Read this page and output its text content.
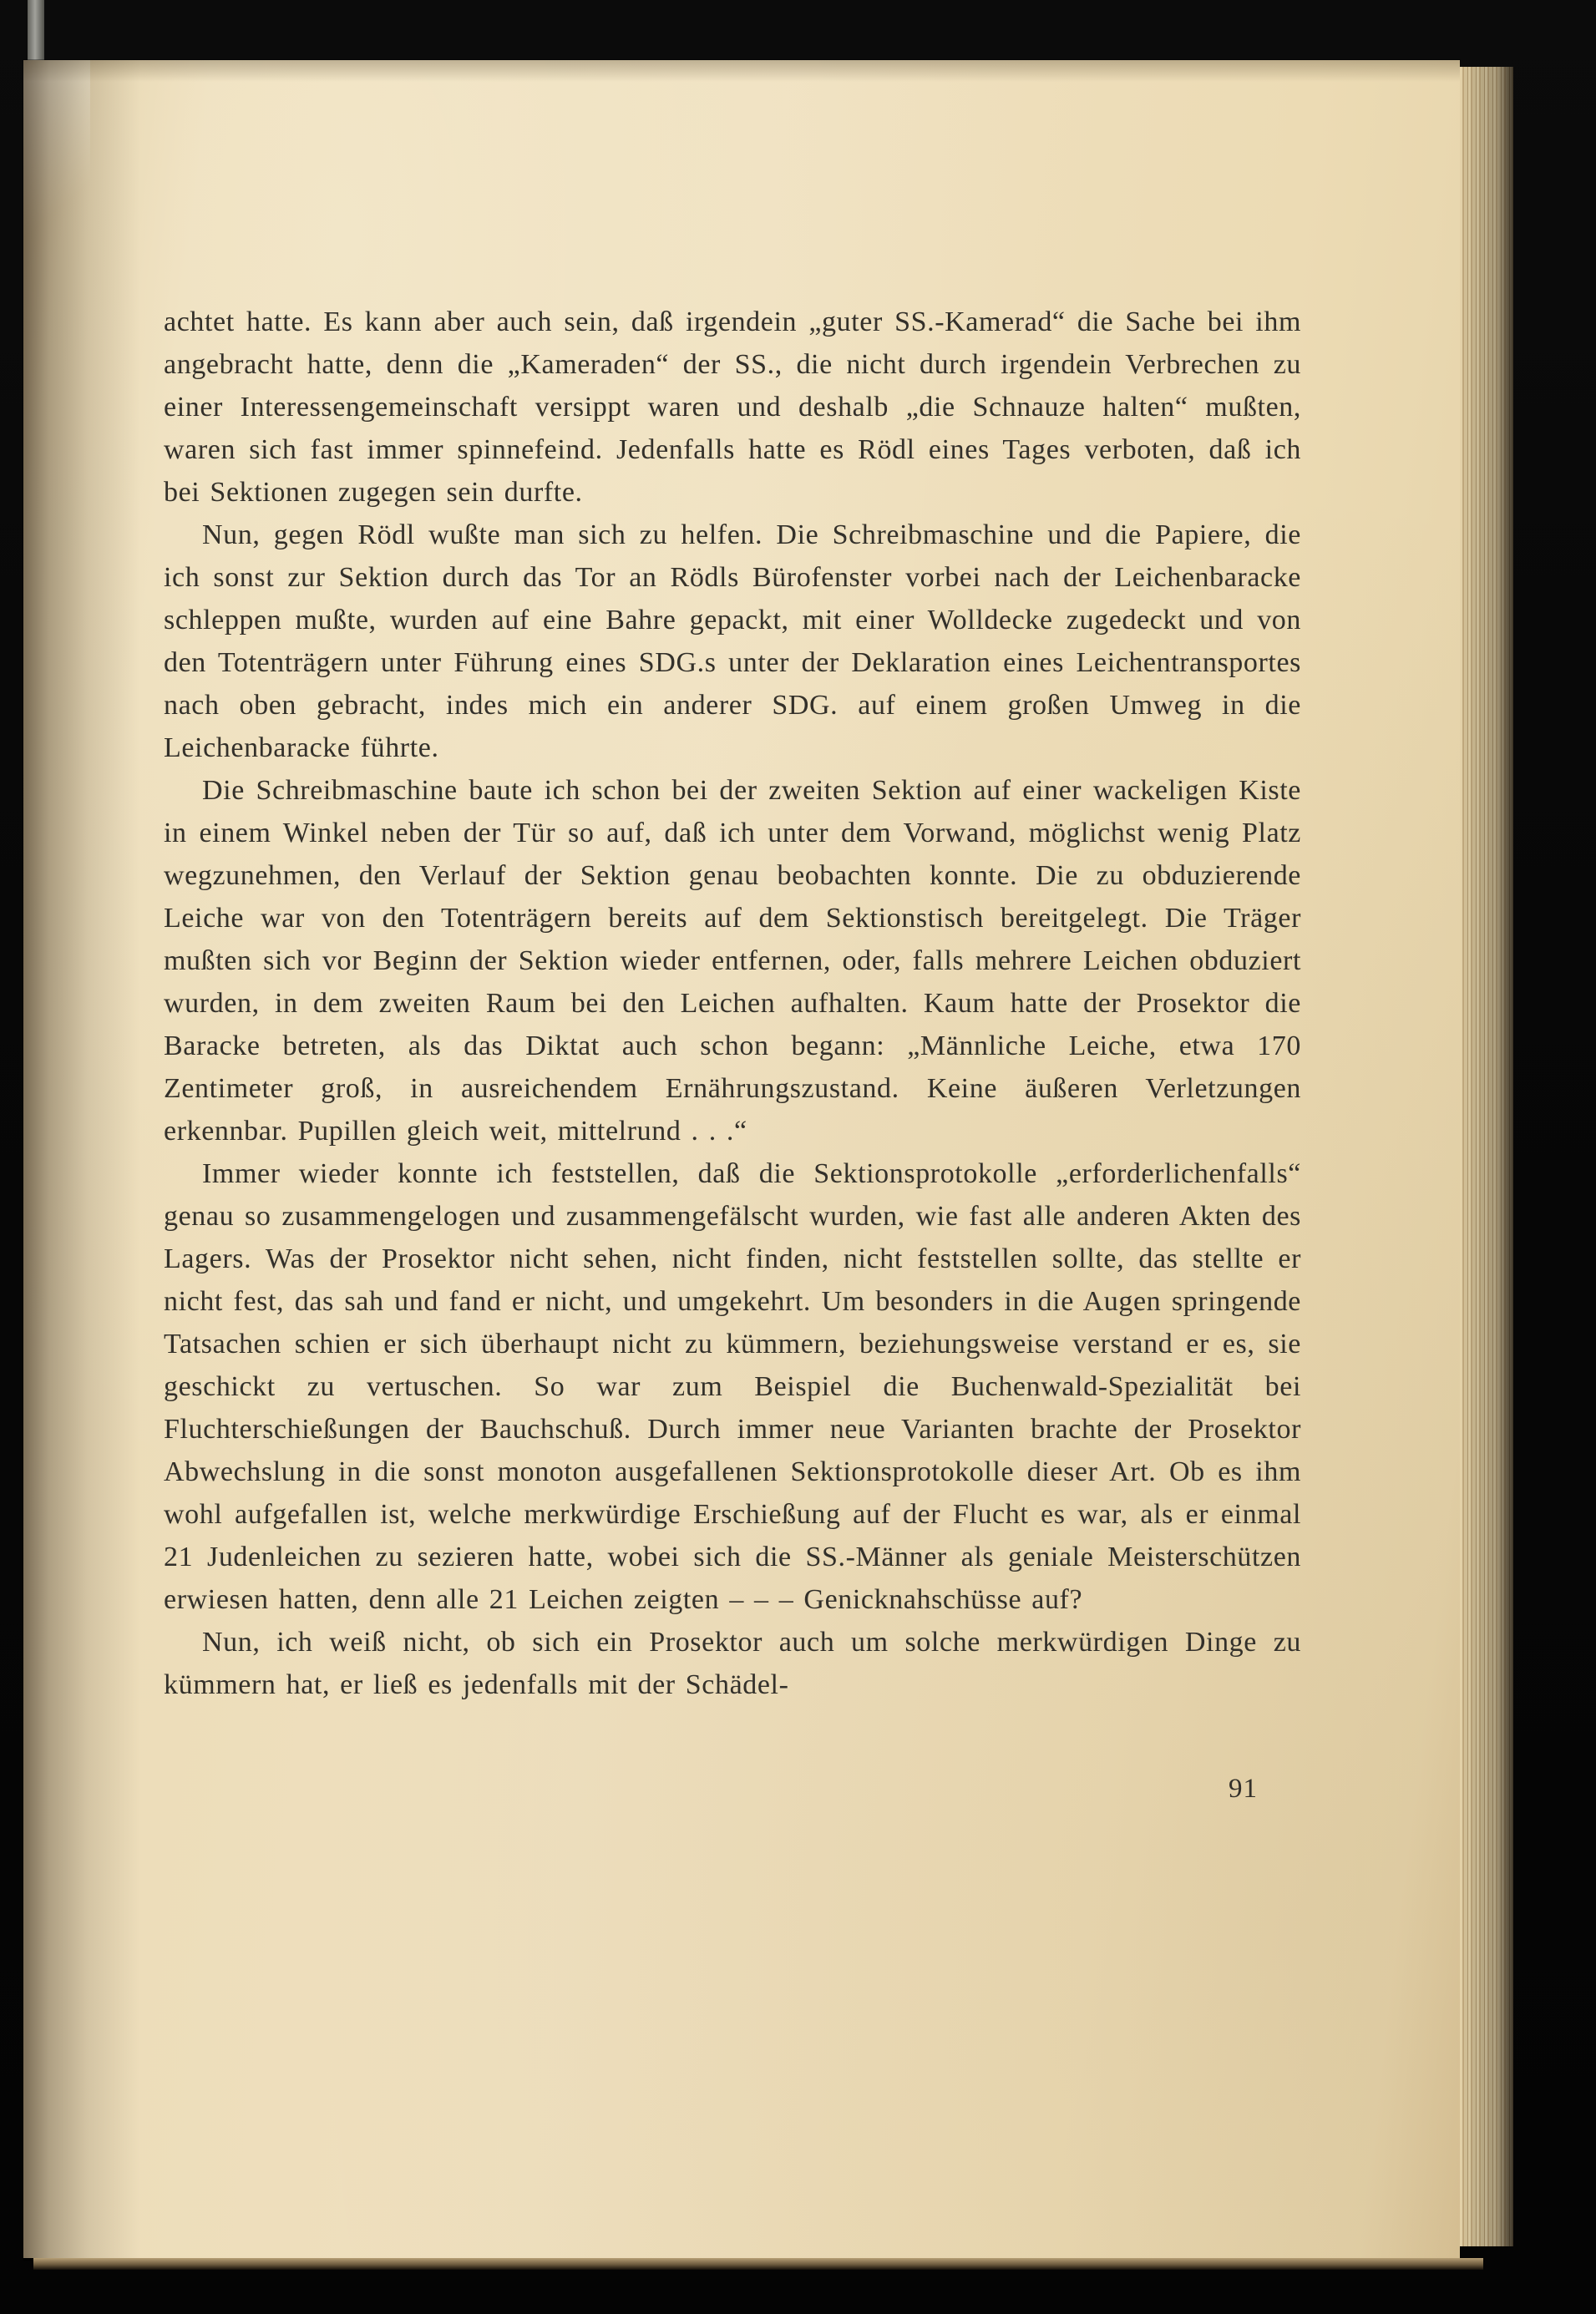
achtet hatte. Es kann aber auch sein, daß irgendein „guter SS.-Kamerad“ die Sache bei ihm angebracht hatte, denn die „Kameraden“ der SS., die nicht durch irgendein Verbrechen zu einer Interessengemeinschaft versippt waren und deshalb „die Schnauze halten“ mußten, waren sich fast immer spinnefeind. Jedenfalls hatte es Rödl eines Tages verboten, daß ich bei Sektionen zugegen sein durfte.

Nun, gegen Rödl wußte man sich zu helfen. Die Schreibmaschine und die Papiere, die ich sonst zur Sektion durch das Tor an Rödls Bürofenster vorbei nach der Leichenbaracke schleppen mußte, wurden auf eine Bahre gepackt, mit einer Wolldecke zugedeckt und von den Totenträgern unter Führung eines SDG.s unter der Deklaration eines Leichentransportes nach oben gebracht, indes mich ein anderer SDG. auf einem großen Umweg in die Leichenbaracke führte.

Die Schreibmaschine baute ich schon bei der zweiten Sektion auf einer wackeligen Kiste in einem Winkel neben der Tür so auf, daß ich unter dem Vorwand, möglichst wenig Platz wegzunehmen, den Verlauf der Sektion genau beobachten konnte. Die zu obduzierende Leiche war von den Totenträgern bereits auf dem Sektionstisch bereitgelegt. Die Träger mußten sich vor Beginn der Sektion wieder entfernen, oder, falls mehrere Leichen obduziert wurden, in dem zweiten Raum bei den Leichen aufhalten. Kaum hatte der Prosektor die Baracke betreten, als das Diktat auch schon begann: „Männliche Leiche, etwa 170 Zentimeter groß, in ausreichendem Ernährungszustand. Keine äußeren Verletzungen erkennbar. Pupillen gleich weit, mittelrund . . .“

Immer wieder konnte ich feststellen, daß die Sektionsprotokolle „erforderlichenfalls“ genau so zusammengelogen und zusammengefälscht wurden, wie fast alle anderen Akten des Lagers. Was der Prosektor nicht sehen, nicht finden, nicht feststellen sollte, das stellte er nicht fest, das sah und fand er nicht, und umgekehrt. Um besonders in die Augen springende Tatsachen schien er sich überhaupt nicht zu kümmern, beziehungsweise verstand er es, sie geschickt zu vertuschen. So war zum Beispiel die Buchenwald-Spezialität bei Fluchterschießungen der Bauchschuß. Durch immer neue Varianten brachte der Prosektor Abwechslung in die sonst monoton ausgefallenen Sektionsprotokolle dieser Art. Ob es ihm wohl aufgefallen ist, welche merkwürdige Erschießung auf der Flucht es war, als er einmal 21 Judenleichen zu sezieren hatte, wobei sich die SS.-Männer als geniale Meisterschützen erwiesen hatten, denn alle 21 Leichen zeigten – – – Genicknahschüsse auf?

Nun, ich weiß nicht, ob sich ein Prosektor auch um solche merkwürdigen Dinge zu kümmern hat, er ließ es jedenfalls mit der Schädel-

91
